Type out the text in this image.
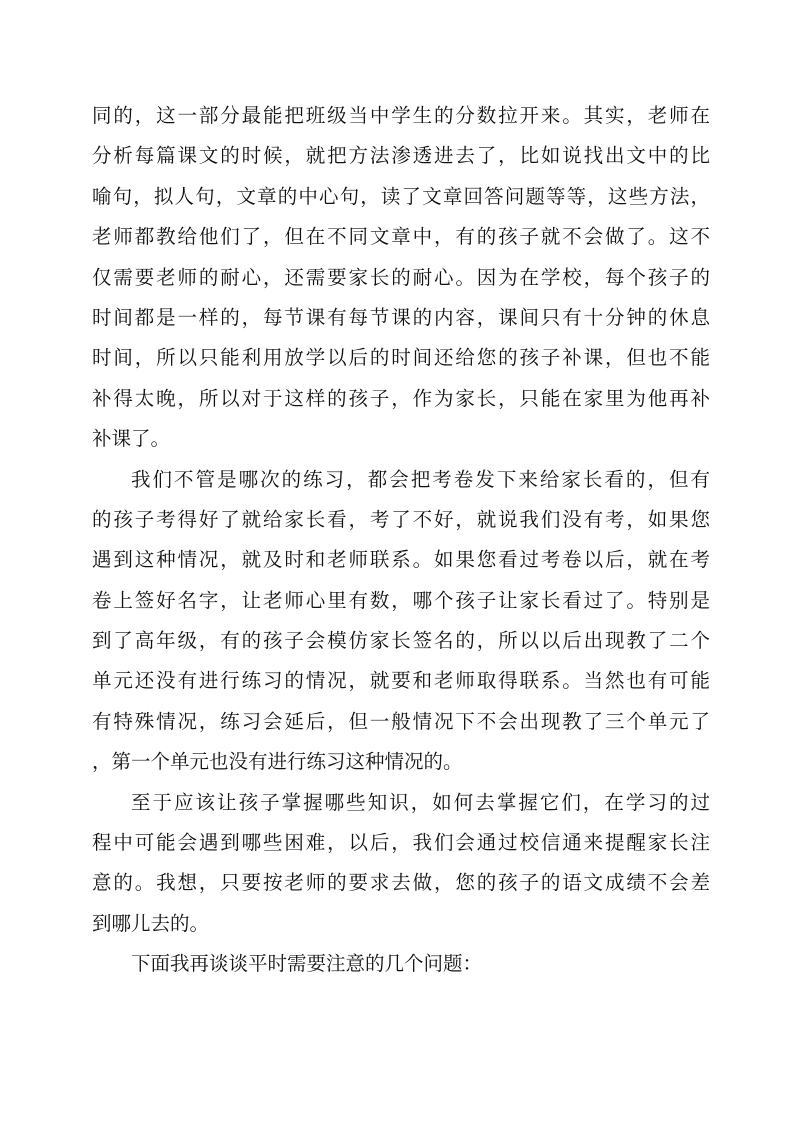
同的，这一部分最能把班级当中学生的分数拉开来。其实，老师在
分析每篇课文的时候，就把方法渗透进去了，比如说找出文中的比
喻句，拟人句，文章的中心句，读了文章回答问题等等，这些方法，
老师都教给他们了，但在不同文章中，有的孩子就不会做了。这不
仅需要老师的耐心，还需要家长的耐心。因为在学校，每个孩子的
时间都是一样的，每节课有每节课的内容，课间只有十分钟的休息
时间，所以只能利用放学以后的时间还给您的孩子补课，但也不能
补得太晚，所以对于这样的孩子，作为家长，只能在家里为他再补
补课了。
我们不管是哪次的练习，都会把考卷发下来给家长看的，但有
的孩子考得好了就给家长看，考了不好，就说我们没有考，如果您
遇到这种情况，就及时和老师联系。如果您看过考卷以后，就在考
卷上签好名字，让老师心里有数，哪个孩子让家长看过了。特别是
到了高年级，有的孩子会模仿家长签名的，所以以后出现教了二个
单元还没有进行练习的情况，就要和老师取得联系。当然也有可能
有特殊情况，练习会延后，但一般情况下不会出现教了三个单元了
，第一个单元也没有进行练习这种情况的。
至于应该让孩子掌握哪些知识，如何去掌握它们，在学习的过
程中可能会遇到哪些困难，以后，我们会通过校信通来提醒家长注
意的。我想，只要按老师的要求去做，您的孩子的语文成绩不会差
到哪儿去的。
下面我再谈谈平时需要注意的几个问题：
